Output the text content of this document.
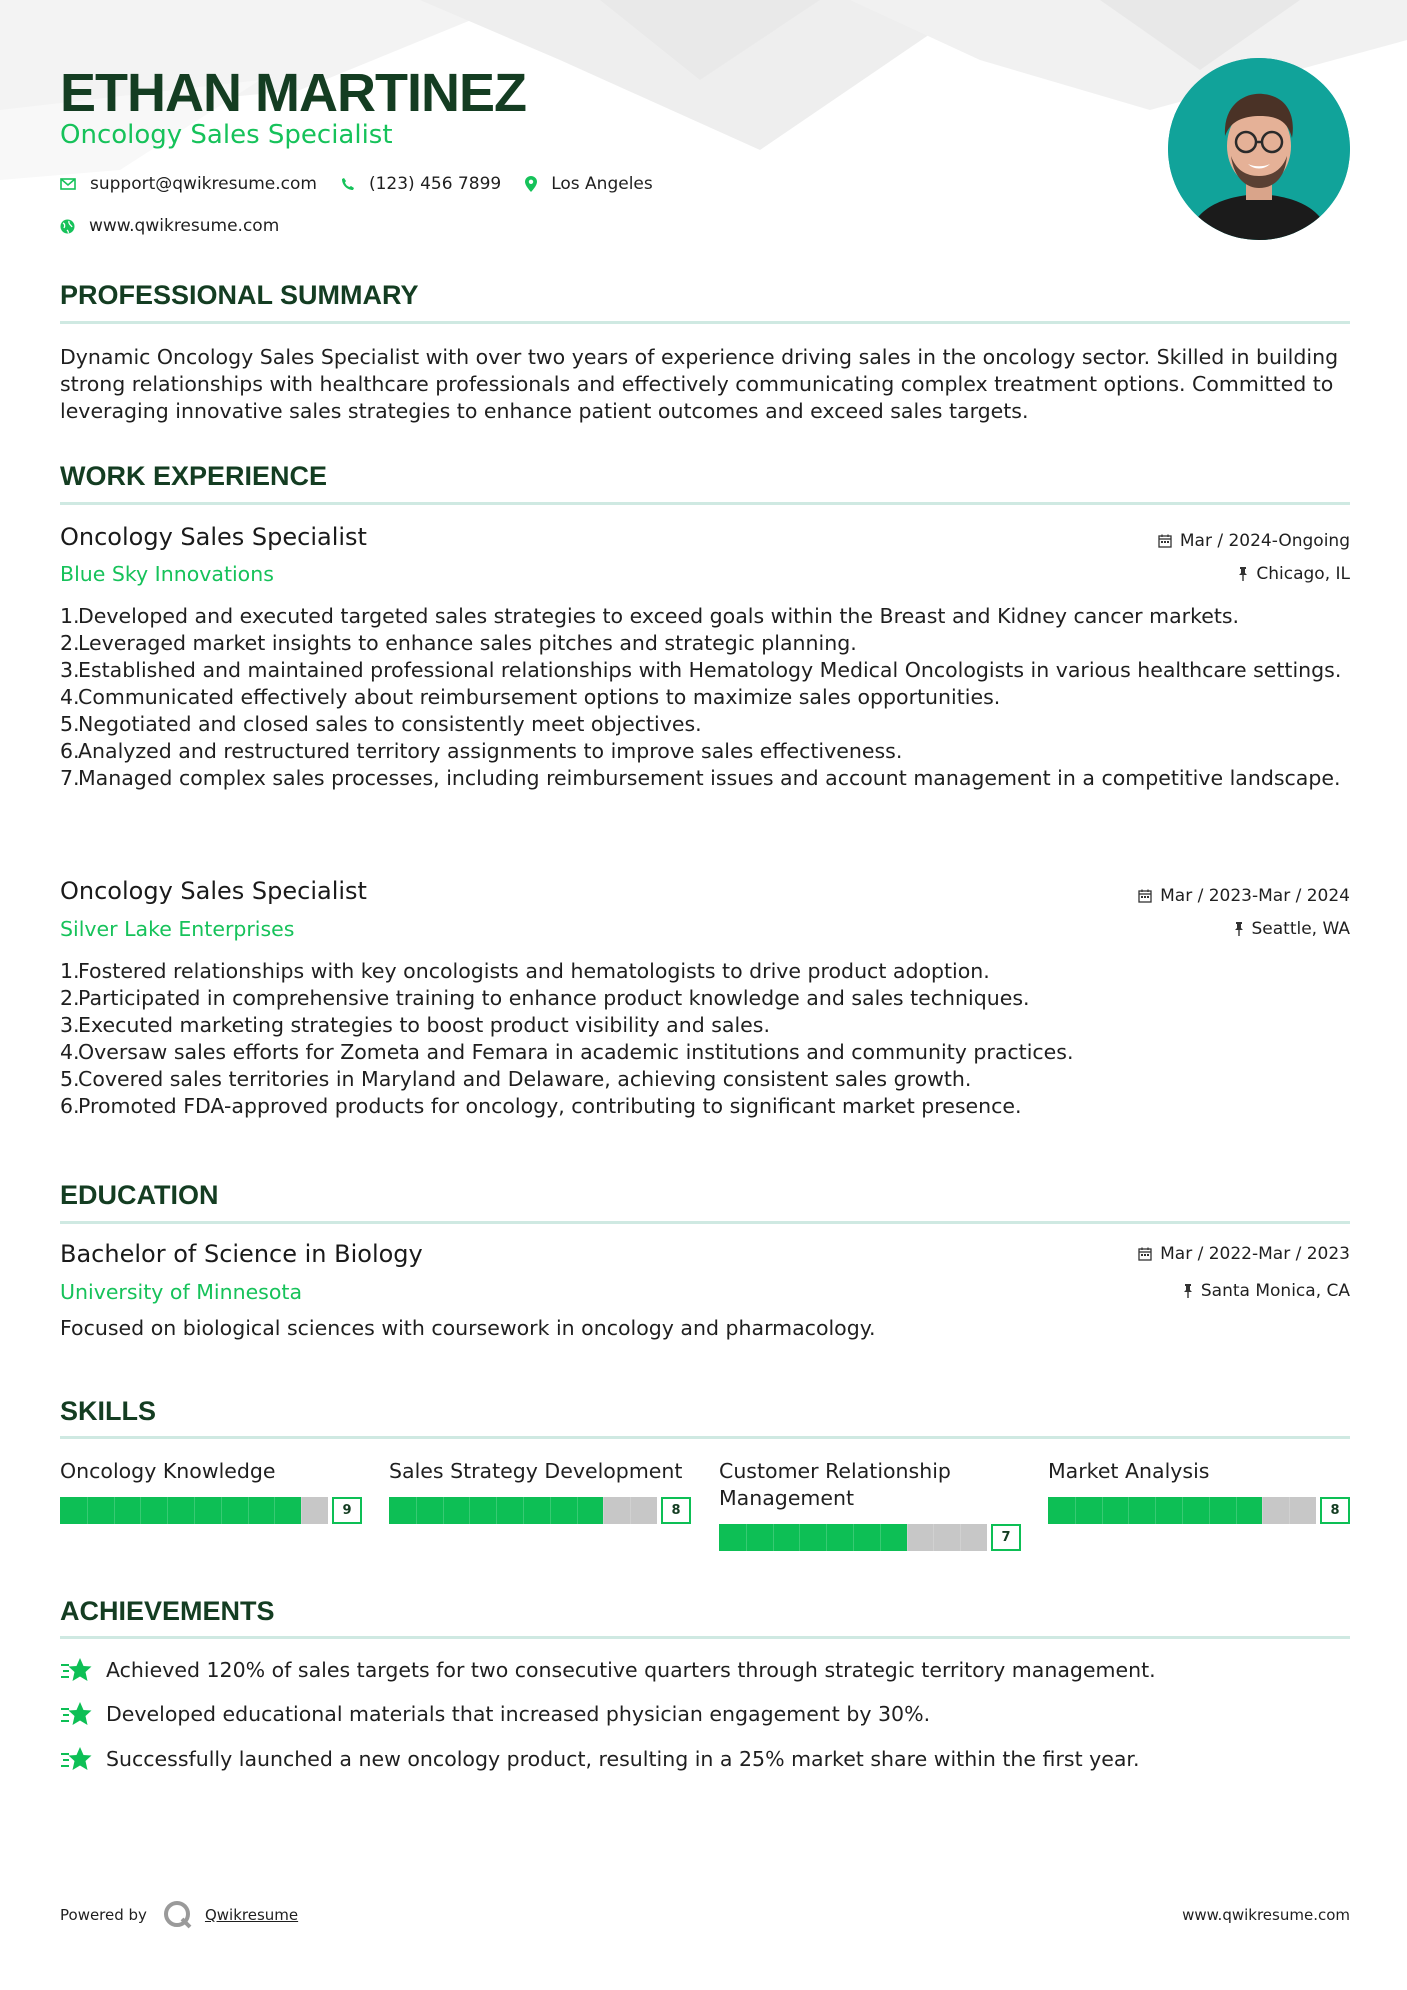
ETHAN MARTINEZ
Oncology Sales Specialist
support@qwikresume.com	(123) 456 7899	Los Angeles
www.qwikresume.com
PROFESSIONAL SUMMARY
Dynamic Oncology Sales Specialist with over two years of experience driving sales in the oncology sector. Skilled in building strong relationships with healthcare professionals and effectively communicating complex treatment options. Committed to leveraging innovative sales strategies to enhance patient outcomes and exceed sales targets.
WORK EXPERIENCE
Oncology Sales Specialist
Blue Sky Innovations
Mar / 2024-Ongoing
Chicago, IL
1.
Developed and executed targeted sales strategies to exceed goals within the Breast and Kidney cancer markets.
2.
Leveraged market insights to enhance sales pitches and strategic planning.
3.
Established and maintained professional relationships with Hematology Medical Oncologists in various healthcare settings.
4.
Communicated effectively about reimbursement options to maximize sales opportunities.
5.
Negotiated and closed sales to consistently meet objectives.
6.
Analyzed and restructured territory assignments to improve sales effectiveness.
7.
Managed complex sales processes, including reimbursement issues and account management in a competitive landscape.
Oncology Sales Specialist
Silver Lake Enterprises
Mar / 2023-Mar / 2024
Seattle, WA
1.
Fostered relationships with key oncologists and hematologists to drive product adoption.
2.
Participated in comprehensive training to enhance product knowledge and sales techniques.
3.
Executed marketing strategies to boost product visibility and sales.
4.
Oversaw sales efforts for Zometa and Femara in academic institutions and community practices.
5.
Covered sales territories in Maryland and Delaware, achieving consistent sales growth.
6.
Promoted FDA-approved products for oncology, contributing to significant market presence.
EDUCATION
Bachelor of Science in Biology
University of Minnesota
Mar / 2022-Mar / 2023
Santa Monica, CA
Focused on biological sciences with coursework in oncology and pharmacology.
SKILLS
Oncology Knowledge
9
Sales Strategy Development
8
Customer Relationship Management
7
Market Analysis
8
ACHIEVEMENTS
Achieved 120% of sales targets for two consecutive quarters through strategic territory management.
Developed educational materials that increased physician engagement by 30%.
Successfully launched a new oncology product, resulting in a 25% market share within the first year.
Powered by	Qwikresume	www.qwikresume.com
